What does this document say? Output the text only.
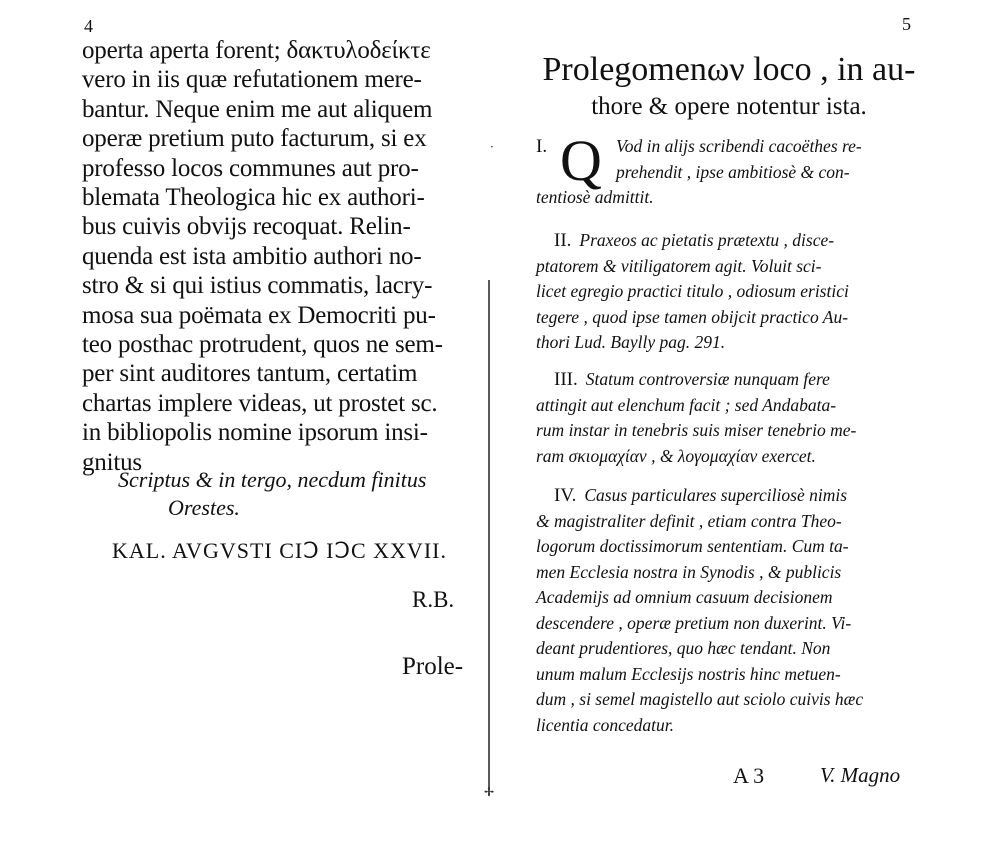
4
operta aperta forent; δακτυλοδείκτε
vero in iis quæ refutationem mere-
bantur. Neque enim me aut aliquem
operæ pretium puto facturum, si ex
professo locos communes aut pro-
blemata Theologica hic ex authori-
bus cuivis obvijs recoquat. Relin-
quenda est ista ambitio authori no-
stro & si qui istius commatis, lacry-
mosa sua poëmata ex Democriti pu-
teo posthac protrudent, quos ne sem-
per sint auditores tantum, certatim
chartas implere videas, ut prostet sc.
in bibliopolis nomine ipsorum insi-
gnitus
Scriptus & in tergo, necdum finitus
Orestes.
KAL. AVGVSTI CIↃ IↃC XXVII.
R.B.
Prole-
·
✢
5
Prolegomenων loco , in au-
thore & opere notentur ista.
I. Q Vod in alijs scribendi cacoëthes re-
prehendit , ipse ambitiosè & con-
tentiosè admittit.
II. Praxeos ac pietatis prætextu , discе-
ptatorem & vitiligatorem agit. Voluit sci-
licet egregio practici titulo , odiosum eristici
tegere , quod ipse tamen obijcit practico Au-
thori Lud. Baylly pag. 291.
III. Statum controversiæ nunquam fere
attingit aut elenchum facit ; sed Andabata-
rum instar in tenebris suis miser tenebrio me-
ram σκιομαχίαν , & λογομαχίαν exercet.
IV. Casus particulares superciliosè nimis
& magistraliter definit , etiam contra Theo-
logorum doctissimorum sententiam. Cum ta-
men Ecclesia nostra in Synodis , & publicis
Academijs ad omnium casuum decisionem
descendere , operæ pretium non duxerint. Vi-
deant prudentiores, quo hæc tendant. Non
unum malum Ecclesijs nostris hinc metuen-
dum , si semel magistello aut sciolo cuivis hæc
licentia concedatur.
A 3	V. Magno
